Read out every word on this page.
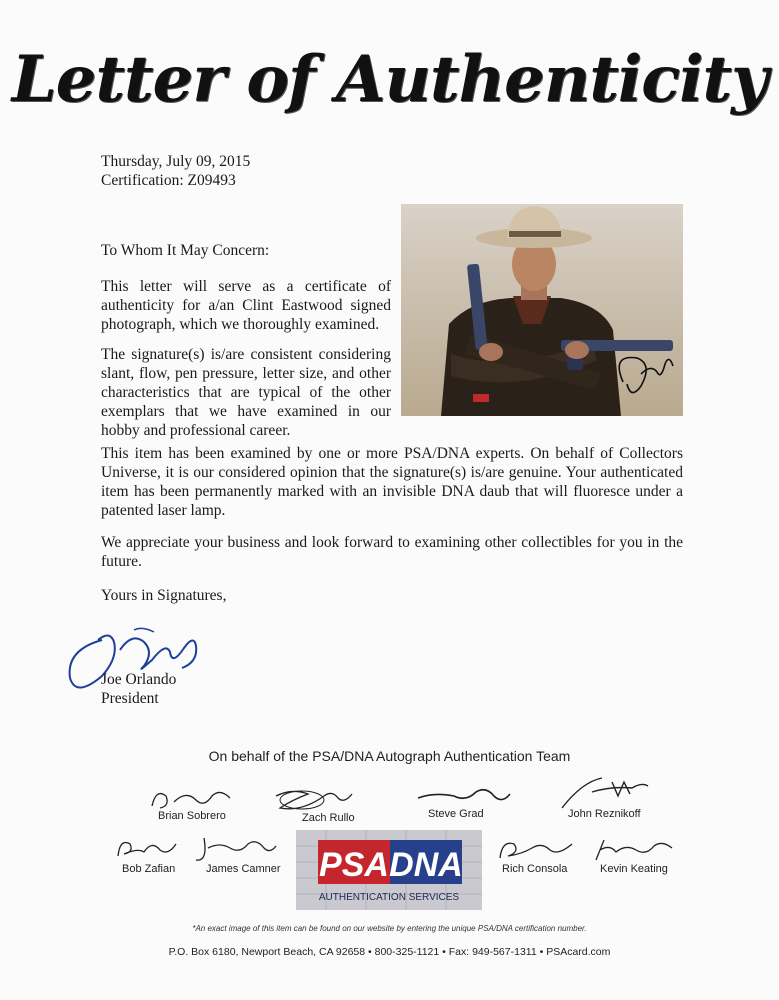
Letter of Authenticity
Thursday, July 09, 2015
Certification: Z09493
To Whom It May Concern:
This letter will serve as a certificate of authenticity for a/an Clint Eastwood signed photograph, which we thoroughly examined.
The signature(s) is/are consistent considering slant, flow, pen pressure, letter size, and other characteristics that are typical of the other exemplars that we have examined in our hobby and professional career.
This item has been examined by one or more PSA/DNA experts. On behalf of Collectors Universe, it is our considered opinion that the signature(s) is/are genuine. Your authenticated item has been permanently marked with an invisible DNA daub that will fluoresce under a patented laser lamp.
We appreciate your business and look forward to examining other collectibles for you in the future.
Yours in Signatures,
Joe Orlando
President
On behalf of the PSA/DNA Autograph Authentication Team
Brian Sobrero	Zach Rullo	Steve Grad	John Reznikoff
Bob Zafian	James Camner	Rich Consola	Kevin Keating
PSA DNA
AUTHENTICATION SERVICES
*An exact image of this item can be found on our website by entering the unique PSA/DNA certification number.
P.O. Box 6180, Newport Beach, CA 92658 • 800-325-1121 • Fax: 949-567-1311 • PSAcard.com
